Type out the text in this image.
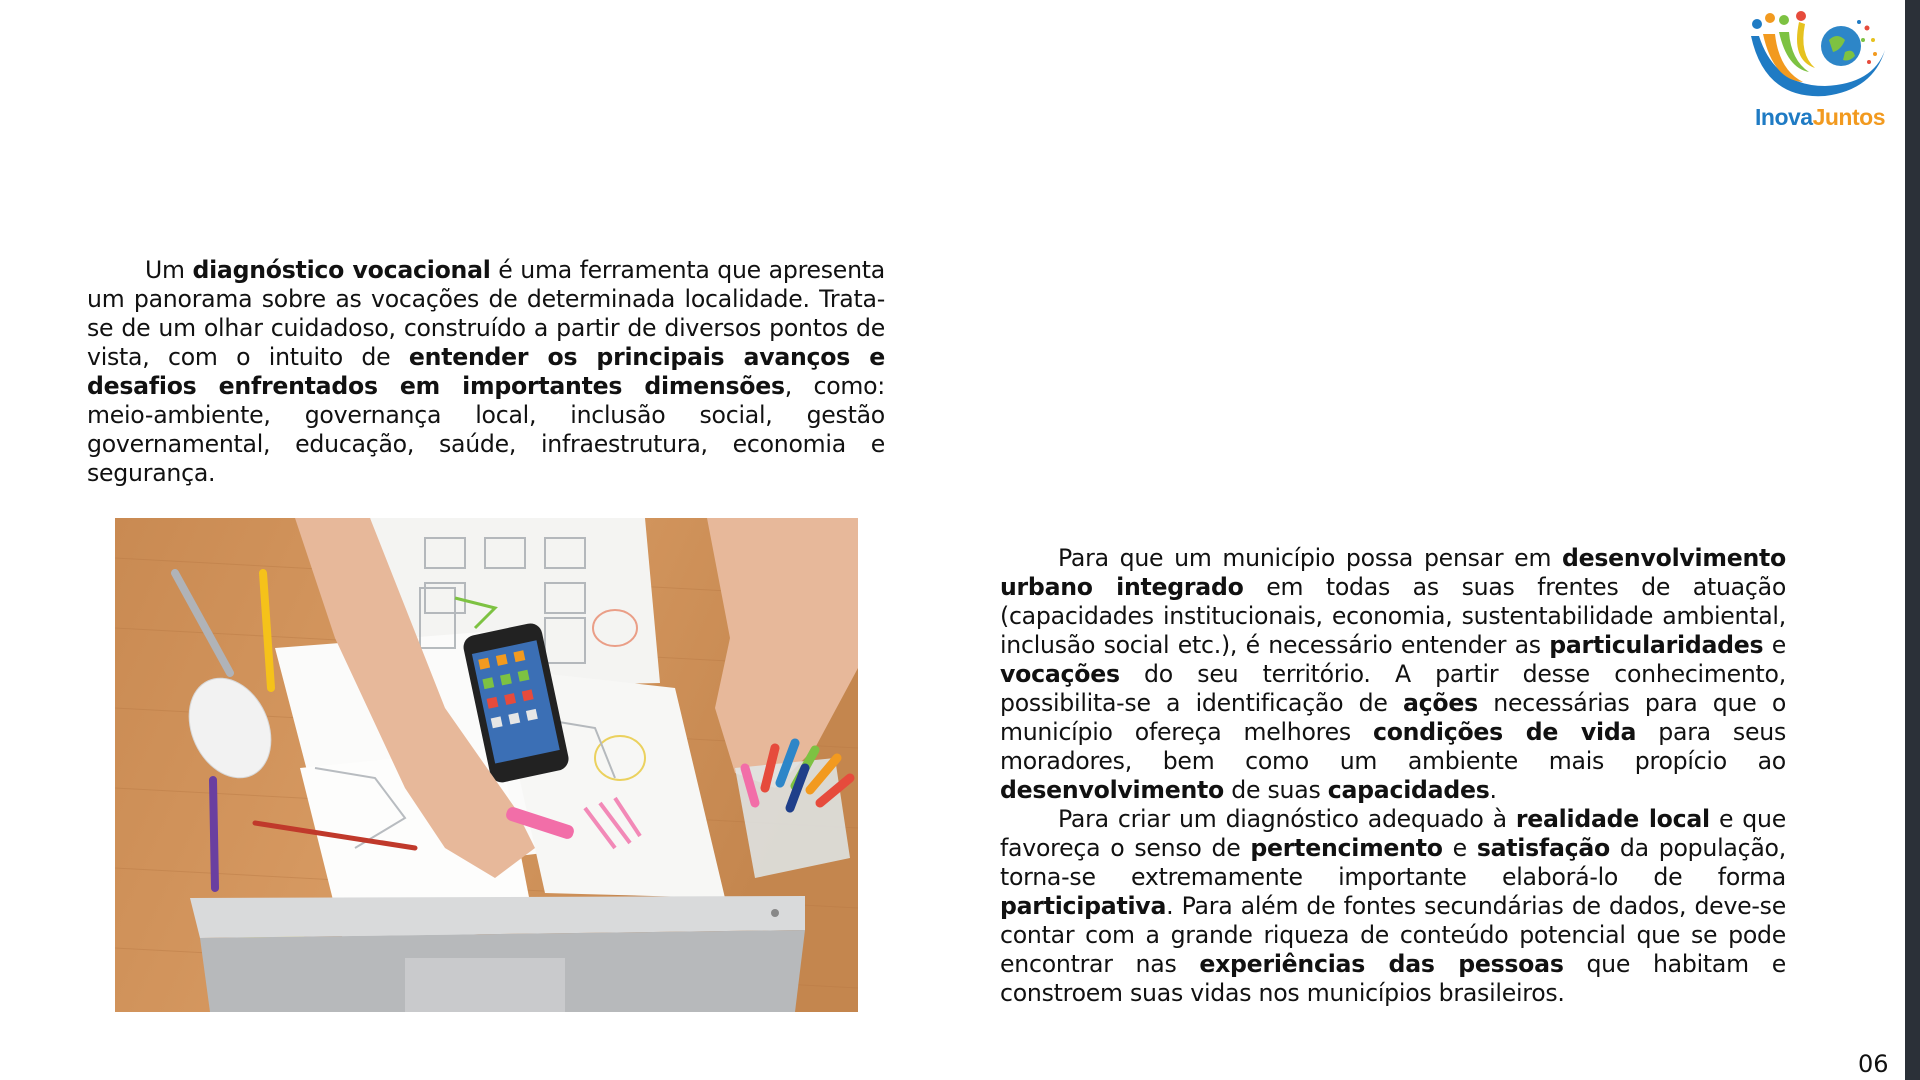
InovaJuntos

Um diagnóstico vocacional é uma ferramenta que apresenta um panorama sobre as vocações de determinada localidade. Trata-se de um olhar cuidadoso, construído a partir de diversos pontos de vista, com o intuito de entender os principais avanços e desafios enfrentados em importantes dimensões, como: meio-ambiente, governança local, inclusão social, gestão governamental, educação, saúde, infraestrutura, economia e segurança.

Para que um município possa pensar em desenvolvimento urbano integrado em todas as suas frentes de atuação (capacidades institucionais, economia, sustentabilidade ambiental, inclusão social etc.), é necessário entender as particularidades e vocações do seu território. A partir desse conhecimento, possibilita-se a identificação de ações necessárias para que o município ofereça melhores condições de vida para seus moradores, bem como um ambiente mais propício ao desenvolvimento de suas capacidades.

Para criar um diagnóstico adequado à realidade local e que favoreça o senso de pertencimento e satisfação da população, torna-se extremamente importante elaborá-lo de forma participativa. Para além de fontes secundárias de dados, deve-se contar com a grande riqueza de conteúdo potencial que se pode encontrar nas experiências das pessoas que habitam e constroem suas vidas nos municípios brasileiros.

06
